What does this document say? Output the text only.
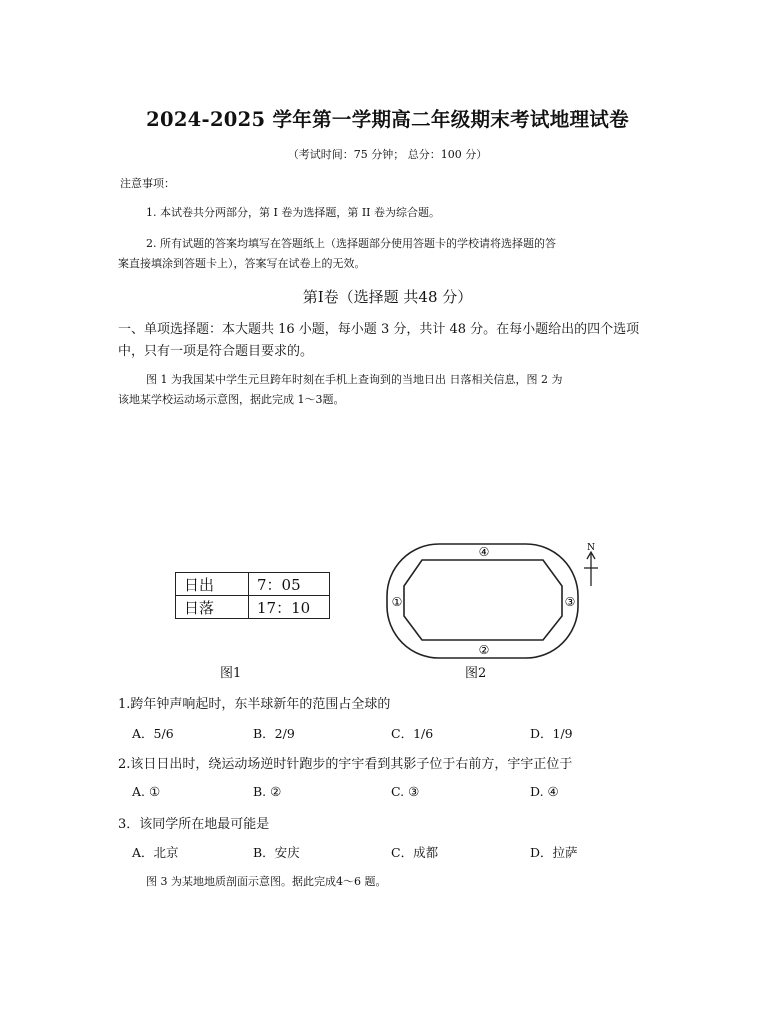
2024-2025 学年第一学期高二年级期末考试地理试卷
（考试时间：75 分钟； 总分：100 分）
注意事项：
1. 本试卷共分两部分，第 I 卷为选择题，第 II 卷为综合题。
2. 所有试题的答案均填写在答题纸上（选择题部分使用答题卡的学校请将选择题的答
案直接填涂到答题卡上），答案写在试卷上的无效。
第I卷（选择题 共48 分）
一、单项选择题：本大题共 16 小题，每小题 3 分，共计 48 分。在每小题给出的四个选项
中，只有一项是符合题目要求的。
图 1 为我国某中学生元旦跨年时刻在手机上查询到的当地日出 日落相关信息，图 2 为
该地某学校运动场示意图，据此完成 1～3题。
日出	7：05
日落	17：10
图1
④
②
①	③
N
图2
1.跨年钟声响起时，东半球新年的范围占全球的
A．5/6	B．2/9	C．1/6	D．1/9
2.该日日出时，绕运动场逆时针跑步的宇宇看到其影子位于右前方，宇宇正位于
A. ①	B. ②	C. ③	D. ④
3．该同学所在地最可能是
A．北京	B．安庆	C．成都	D．拉萨
图 3 为某地地质剖面示意图。据此完成4～6 题。
